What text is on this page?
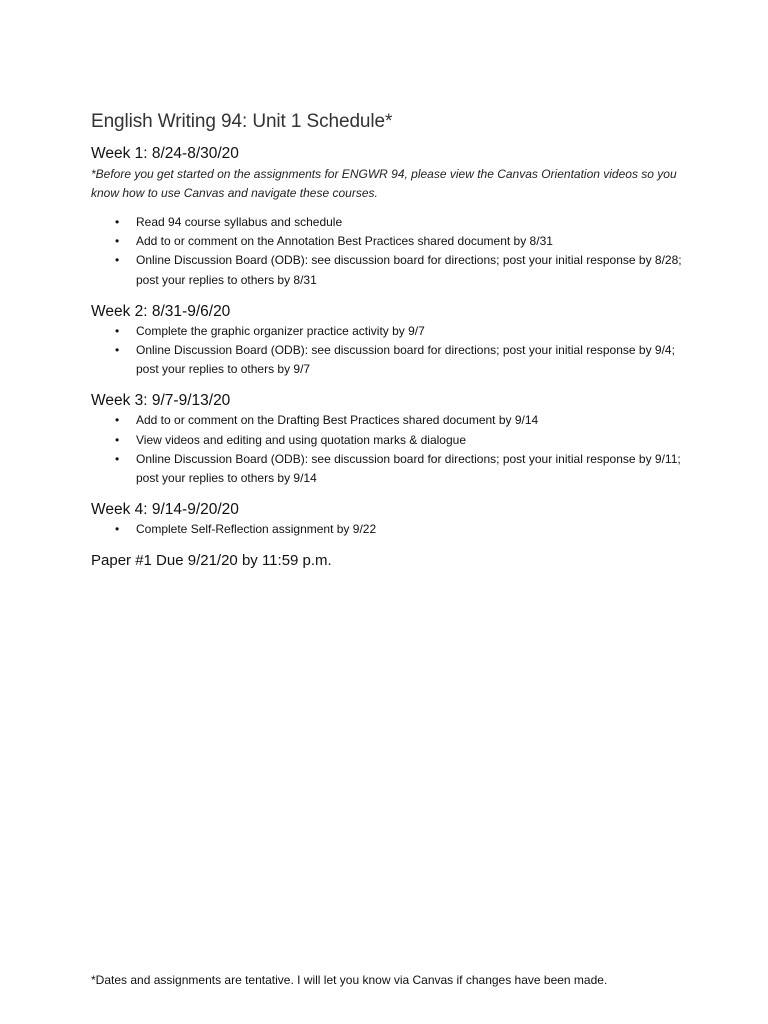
English Writing 94: Unit 1 Schedule*
Week 1: 8/24-8/30/20

*Before you get started on the assignments for ENGWR 94, please view the Canvas Orientation videos so you know how to use Canvas and navigate these courses.

• Read 94 course syllabus and schedule
• Add to or comment on the Annotation Best Practices shared document by 8/31
• Online Discussion Board (ODB): see discussion board for directions; post your initial response by 8/28; post your replies to others by 8/31
Week 2: 8/31-9/6/20
• Complete the graphic organizer practice activity by 9/7
• Online Discussion Board (ODB): see discussion board for directions; post your initial response by 9/4; post your replies to others by 9/7
Week 3: 9/7-9/13/20
• Add to or comment on the Drafting Best Practices shared document by 9/14
• View videos and editing and using quotation marks & dialogue
• Online Discussion Board (ODB): see discussion board for directions; post your initial response by 9/11; post your replies to others by 9/14
Week 4: 9/14-9/20/20
• Complete Self-Reflection assignment by 9/22

Paper #1 Due 9/21/20 by 11:59 p.m.

*Dates and assignments are tentative. I will let you know via Canvas if changes have been made.
